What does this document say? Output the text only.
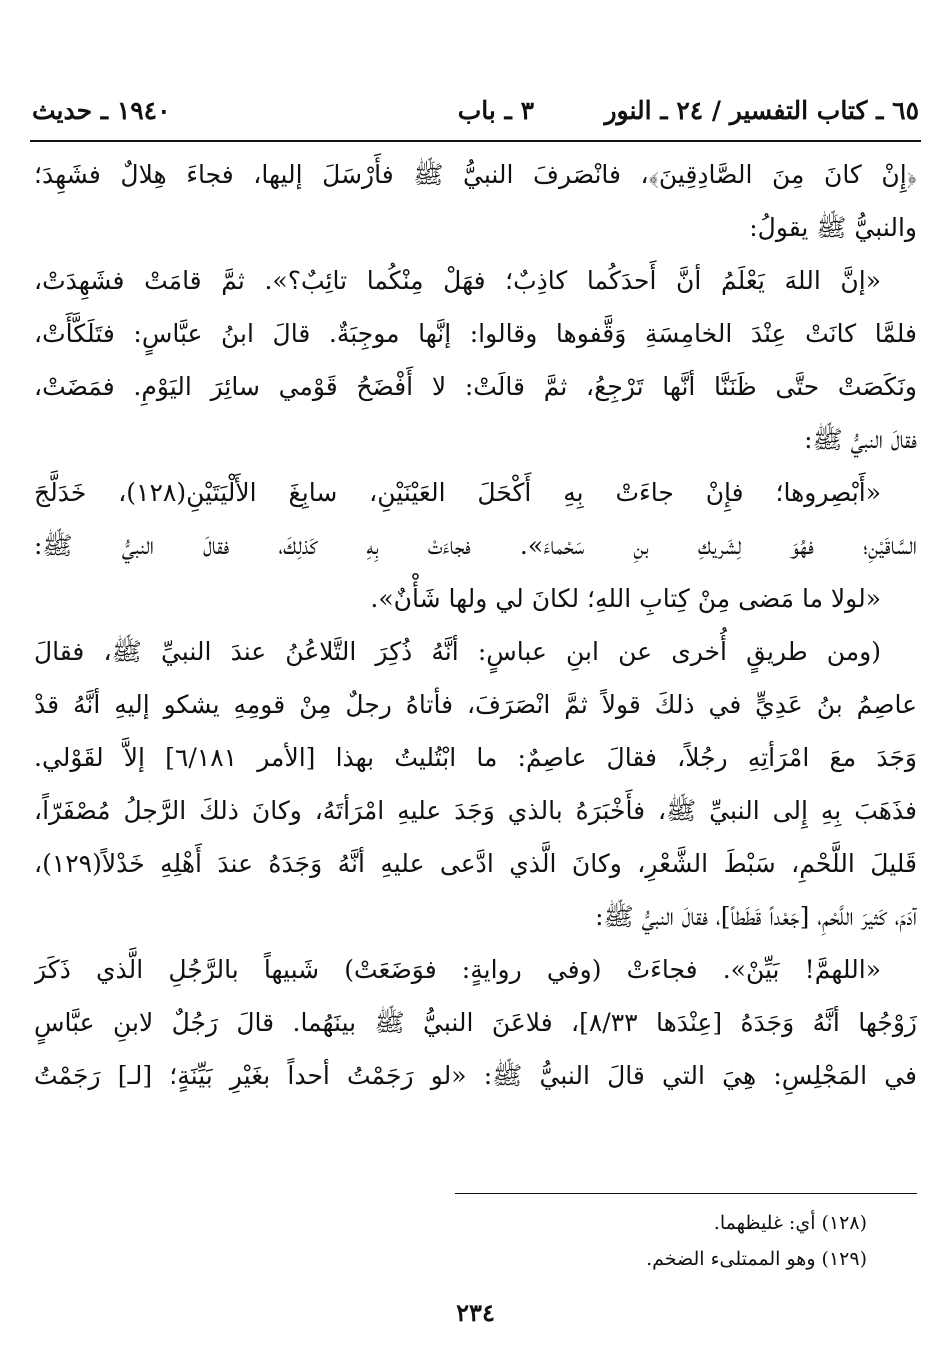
٦٥ ـ كتاب التفسير / ٢٤ ـ النور
٣ ـ باب
١٩٤٠ ـ حديث
﴿إِنْ كانَ مِنَ الصَّادِقِينَ﴾، فانْصَرفَ النبيُّ ﷺ فأَرْسَلَ إليها، فجاءَ هِلالٌ فشَهِدَ؛
والنبيُّ ﷺ يقولُ:
«إنَّ اللهَ يَعْلَمُ أنَّ أَحدَكُما كاذِبٌ؛ فهَلْ مِنْكُما تائِبٌ؟». ثمَّ قامَتْ فشَهِدَتْ،
فلمَّا كانَتْ عِنْدَ الخامِسَةِ وَقَّفوها وقالوا: إنَّها موجِبَةٌ. قالَ ابنُ عبَّاسٍ: فتَلَكَّأَتْ،
ونَكَصَتْ حتَّى ظَنَنَّا أنَّها تَرْجِعُ، ثمَّ قالَتْ: لا أَفْضَحُ قَوْمي سائِرَ اليَوْمِ. فمَضَتْ،
فقالَ النبيُّ ﷺ:
«أَبْصِروها؛ فإِنْ جاءَتْ بِهِ أَكْحَلَ العَيْنَيْنِ، سابِغَ الأَلْيَتَيْنِ(١٢٨)، خَدَلَّجَ
السَّاقَيْنِ؛ فهُوَ لِشَريكِ بنِ سَحْماءَ». فجاءَتْ بِهِ كَذلِكَ، فقالَ النبيُّ ﷺ:
«لولا ما مَضى مِنْ كِتابِ اللهِ؛ لكانَ لي ولها شَأْنٌ».
(ومن طريقٍ أُخرى عن ابنِ عباسٍ: أنَّهُ ذُكِرَ التَّلاعُنُ عندَ النبيِّ ﷺ، فقالَ
عاصِمُ بنُ عَدِيٍّ في ذلكَ قولاً ثمَّ انْصَرَفَ، فأتاهُ رجلٌ مِنْ قومِهِ يشكو إليهِ أنَّهُ قدْ
وَجَدَ معَ امْرَأتِهِ رجُلاً، فقالَ عاصِمٌ: ما ابْتُليتُ بهذا [الأمر ٦/١٨١] إلاَّ لقَوْلي.
فذَهَبَ بِهِ إِلى النبيِّ ﷺ، فأَخْبَرَهُ بالذي وَجَدَ عليهِ امْرَأتَهُ، وكانَ ذلكَ الرَّجلُ مُصْفَرّاً،
قَليلَ اللَّحْمِ، سَبْطَ الشَّعْرِ، وكانَ الَّذي ادَّعى عليهِ أنَّهُ وَجَدَهُ عندَ أَهْلِهِ خَدْلاً(١٢٩)،
آدَمَ، كَثيرَ اللَّحْمِ، [جَعْداً قَطَطاً]، فقالَ النبيُّ ﷺ:
«اللهمَّ! بَيِّنْ». فجاءَتْ (وفي روايةٍ: فوَضَعَتْ) شَبيهاً بالرَّجُلِ الَّذي ذَكَرَ
زَوْجُها أنَّهُ وَجَدَهُ [عِنْدَها ٨/٣٣]، فلاعَنَ النبيُّ ﷺ بينَهُما. قالَ رَجُلٌ لابنِ عبَّاسٍ
في المَجْلِسِ: هِيَ التي قالَ النبيُّ ﷺ: «لو رَجَمْتُ أحداً بغَيْرِ بَيِّنَةٍ؛ [لـ] رَجَمْتُ
(١٢٨) أي: غليظهما.
(١٢٩) وهو الممتلىء الضخم.
٢٣٤
